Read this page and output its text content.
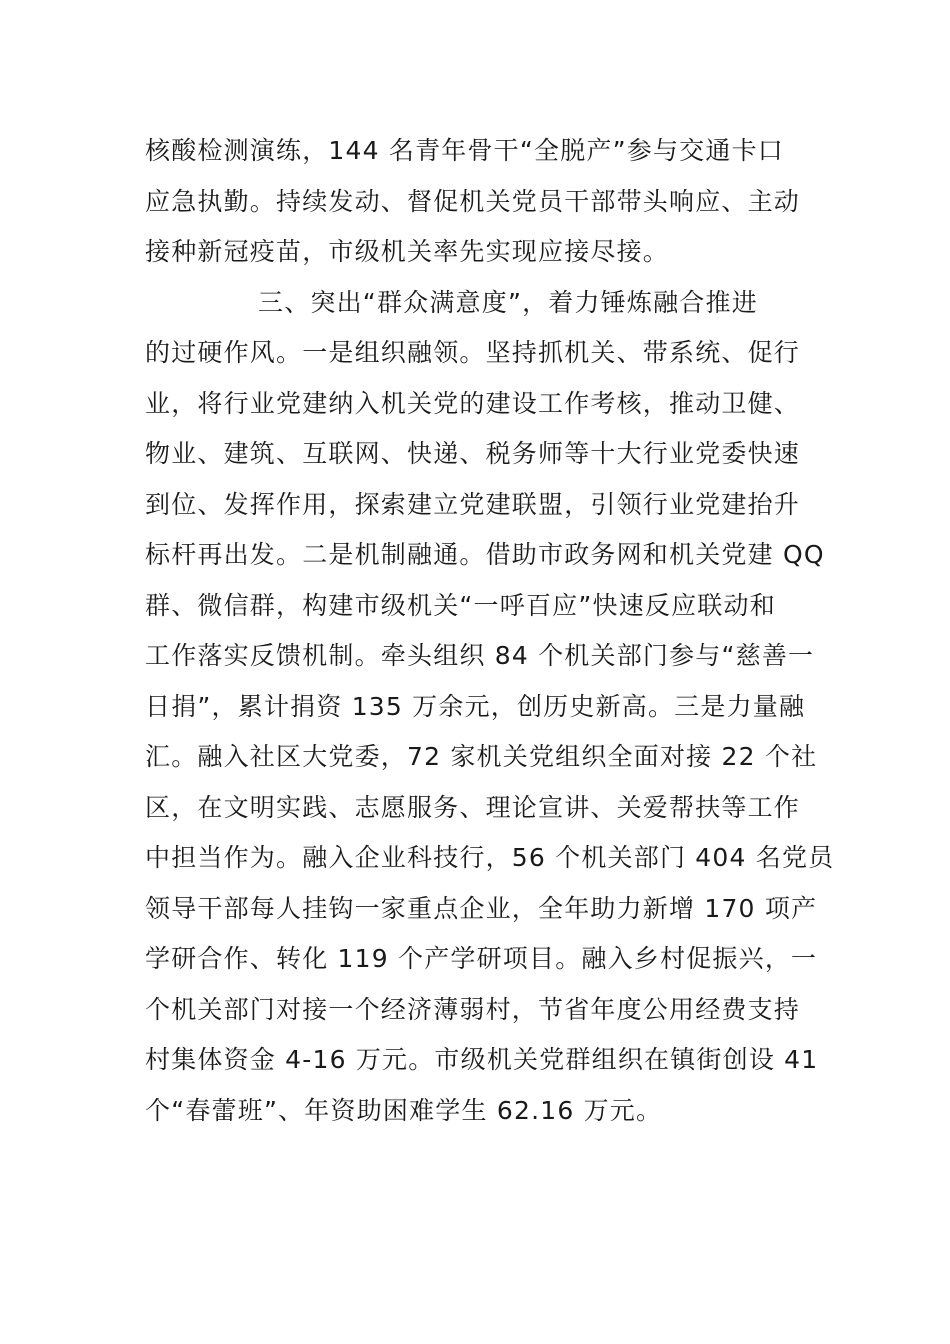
核酸检测演练，144 名青年骨干“全脱产”参与交通卡口
应急执勤。持续发动、督促机关党员干部带头响应、主动
接种新冠疫苗，市级机关率先实现应接尽接。
三、突出“群众满意度”，着力锤炼融合推进
的过硬作风。一是组织融领。坚持抓机关、带系统、促行
业，将行业党建纳入机关党的建设工作考核，推动卫健、
物业、建筑、互联网、快递、税务师等十大行业党委快速
到位、发挥作用，探索建立党建联盟，引领行业党建抬升
标杆再出发。二是机制融通。借助市政务网和机关党建 QQ
群、微信群，构建市级机关“一呼百应”快速反应联动和
工作落实反馈机制。牵头组织 84 个机关部门参与“慈善一
日捐”，累计捐资 135 万余元，创历史新高。三是力量融
汇。融入社区大党委，72 家机关党组织全面对接 22 个社
区，在文明实践、志愿服务、理论宣讲、关爱帮扶等工作
中担当作为。融入企业科技行，56 个机关部门 404 名党员
领导干部每人挂钩一家重点企业，全年助力新增 170 项产
学研合作、转化 119 个产学研项目。融入乡村促振兴，一
个机关部门对接一个经济薄弱村，节省年度公用经费支持
村集体资金 4-16 万元。市级机关党群组织在镇街创设 41
个“春蕾班”、年资助困难学生 62.16 万元。
